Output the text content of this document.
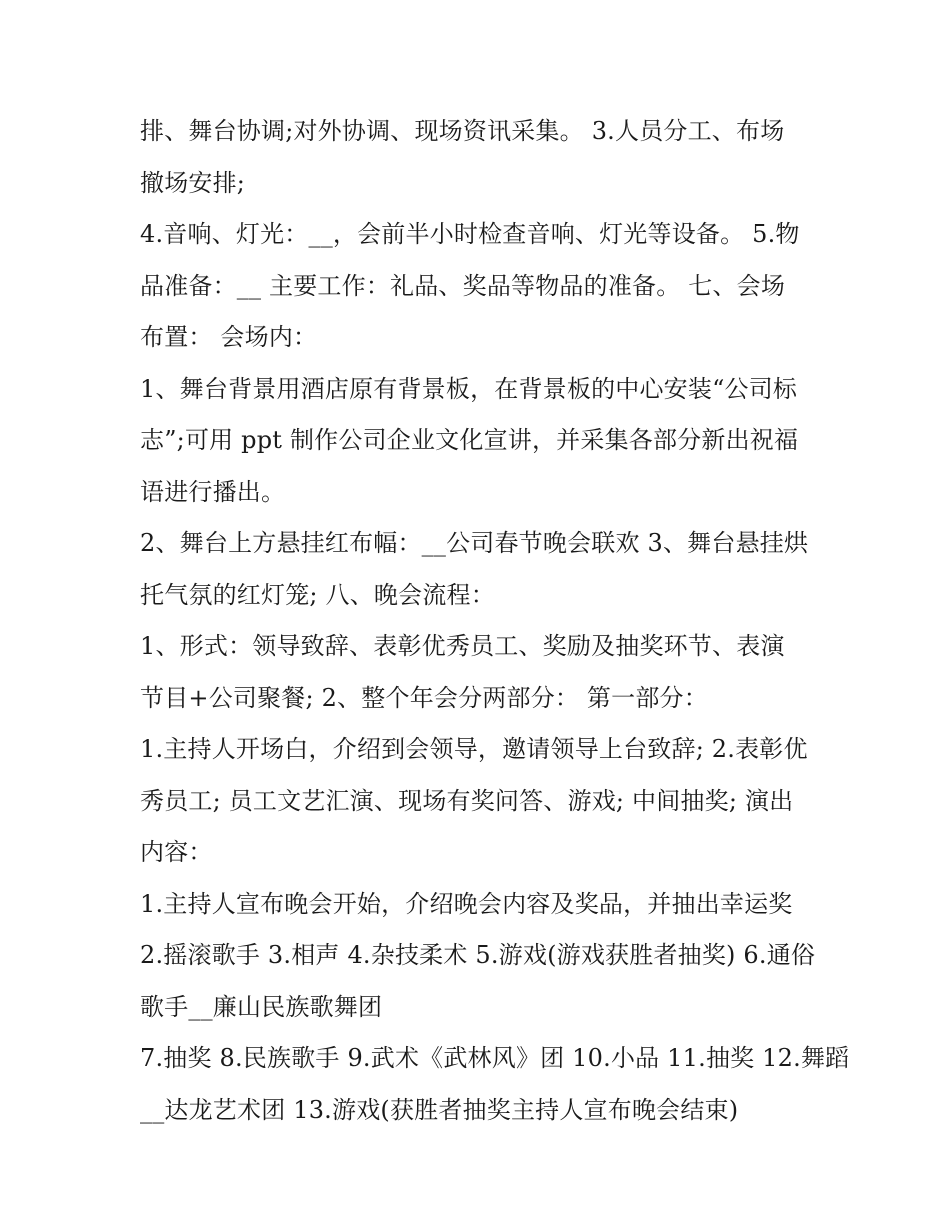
排、舞台协调;对外协调、现场资讯采集。 3.人员分工、布场
撤场安排;
4.音响、灯光：__，会前半小时检查音响、灯光等设备。 5.物
品准备：__ 主要工作：礼品、奖品等物品的准备。 七、会场
布置： 会场内：
1、舞台背景用酒店原有背景板，在背景板的中心安装“公司标
志”;可用 ppt 制作公司企业文化宣讲，并采集各部分新出祝福
语进行播出。
2、舞台上方悬挂红布幅：__公司春节晚会联欢 3、舞台悬挂烘
托气氛的红灯笼; 八、晚会流程：
1、形式：领导致辞、表彰优秀员工、奖励及抽奖环节、表演
节目+公司聚餐; 2、整个年会分两部分： 第一部分：
1.主持人开场白，介绍到会领导，邀请领导上台致辞; 2.表彰优
秀员工; 员工文艺汇演、现场有奖问答、游戏; 中间抽奖; 演出
内容：
1.主持人宣布晚会开始，介绍晚会内容及奖品，并抽出幸运奖
2.摇滚歌手 3.相声 4.杂技柔术 5.游戏(游戏获胜者抽奖) 6.通俗
歌手__廉山民族歌舞团
7.抽奖 8.民族歌手 9.武术《武林风》团 10.小品 11.抽奖 12.舞蹈
__达龙艺术团 13.游戏(获胜者抽奖主持人宣布晚会结束)
